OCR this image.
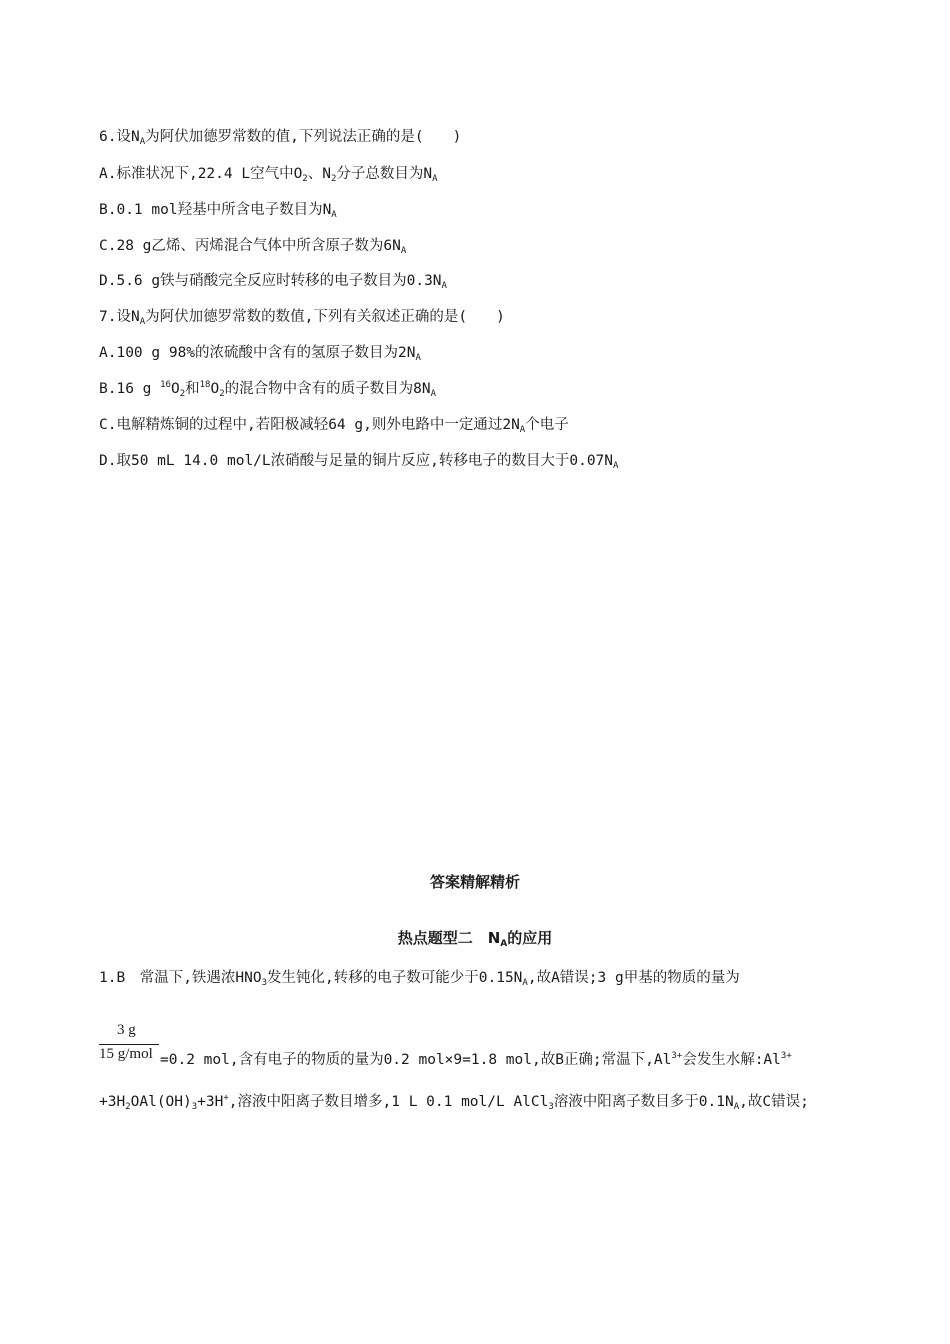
6.设$N_A$为阿伏加德罗常数的值,下列说法正确的是(　　)
A.标准状况下,22.4 L空气中$O_2$、$N_2$分子总数目为$N_A$
B.0.1 mol羟基中所含电子数目为$N_A$
C.28 g乙烯、丙烯混合气体中所含原子数为$6N_A$
D.5.6 g铁与硝酸完全反应时转移的电子数目为$0.3N_A$
7.设$N_A$为阿伏加德罗常数的数值,下列有关叙述正确的是(　　)
A.100 g 98%的浓硫酸中含有的氢原子数目为$2N_A$
B.16 g $^{16}O_2$和$^{18}O_2$的混合物中含有的质子数目为$8N_A$
C.电解精炼铜的过程中,若阳极减轻64 g,则外电路中一定通过$2N_A$个电子
D.取50 mL 14.0 mol/L浓硝酸与足量的铜片反应,转移电子的数目大于$0.07N_A$
答案精解精析
热点题型二　$N_A$的应用
1.B　常温下,铁遇浓$HNO_3$发生钝化,转移的电子数可能少于$0.15N_A$,故A错误;3 g甲基的物质的量为
3 g
15 g/mol =0.2 mol,含有电子的物质的量为0.2 mol×9=1.8 mol,故B正确;常温下$,Al^{3+}$会发生水解$:Al^{3+}$
$+3H_2OAl(OH)_3+3H^+$,溶液中阳离子数目增多,1 L 0.1 mol/L AlCl$_3$溶液中阳离子数目多于$0.1N_A$,故C错误;
